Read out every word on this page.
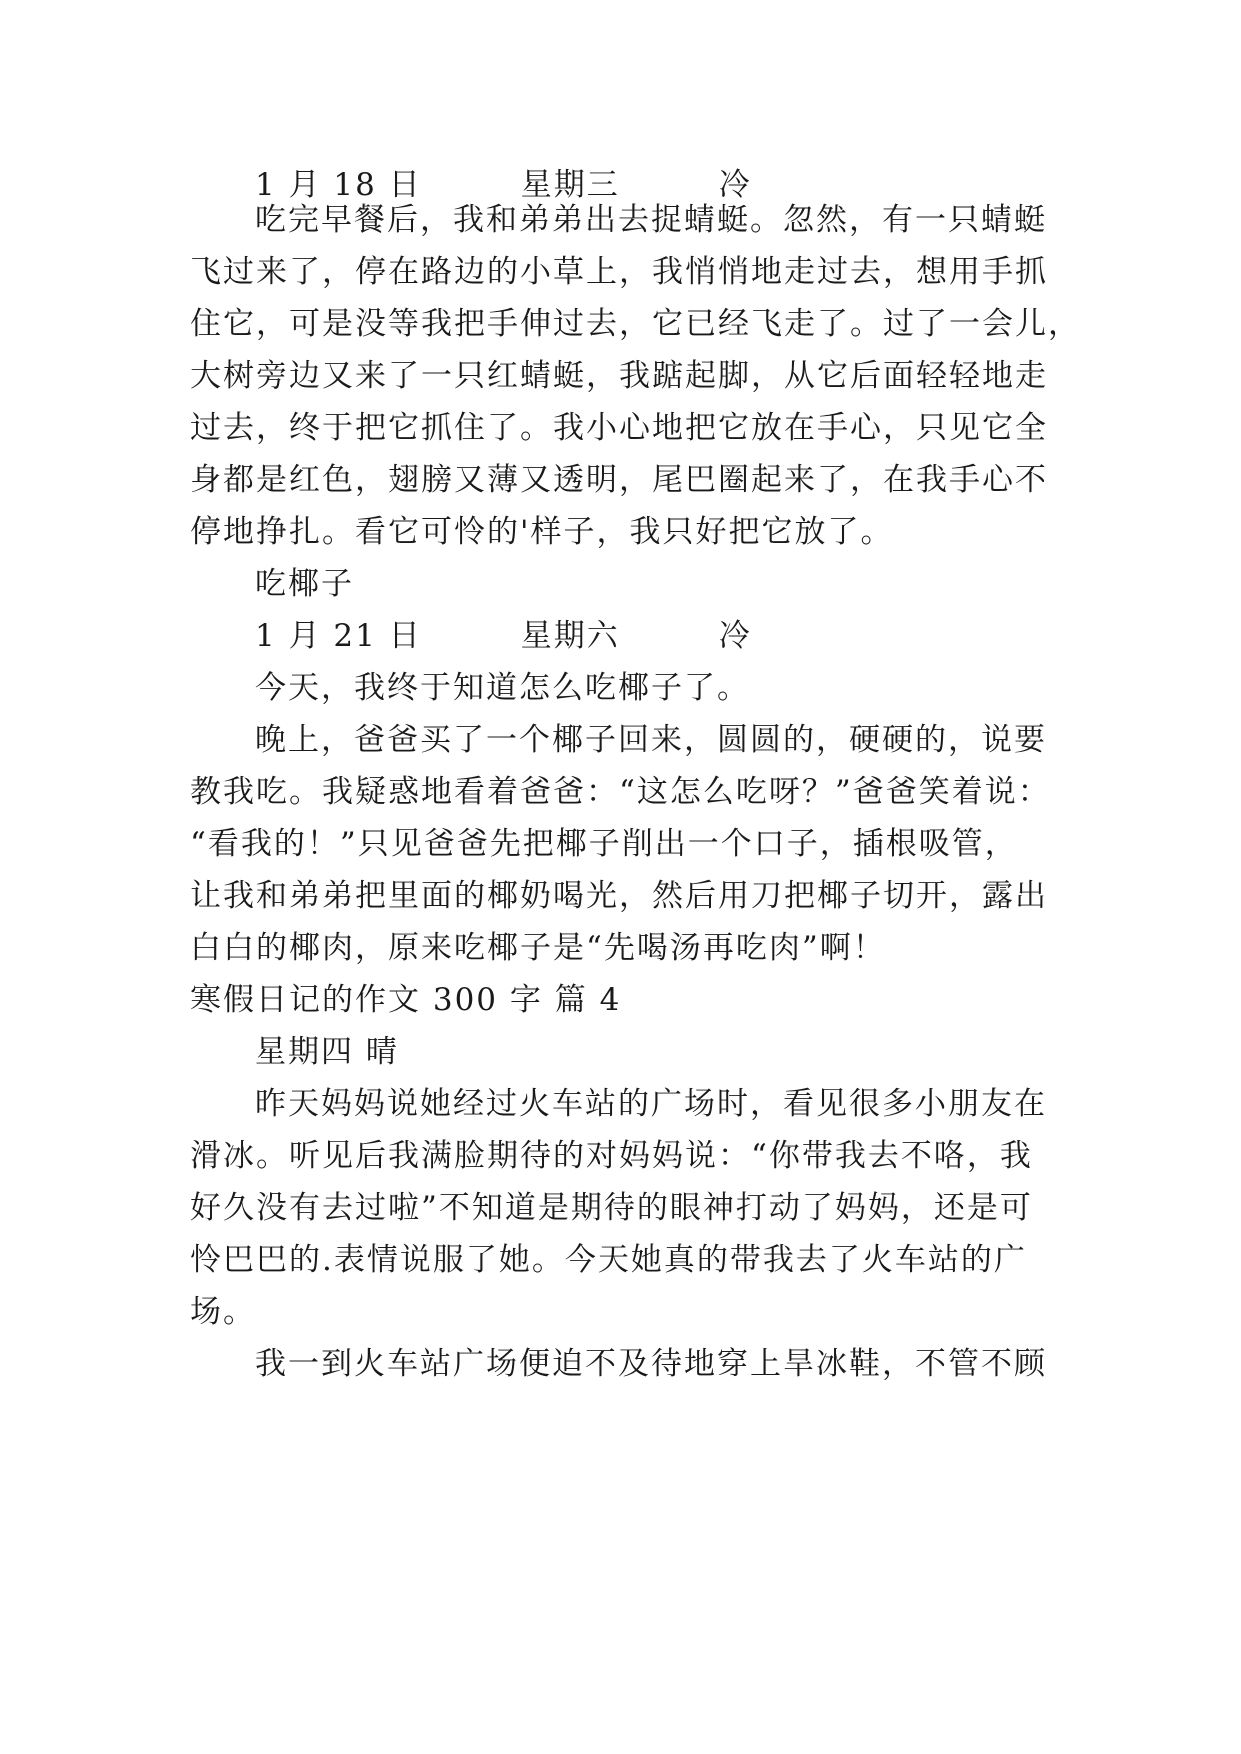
1 月 18 日　　　星期三　　　冷
吃完早餐后，我和弟弟出去捉蜻蜓。忽然，有一只蜻蜓
飞过来了，停在路边的小草上，我悄悄地走过去，想用手抓
住它，可是没等我把手伸过去，它已经飞走了。过了一会儿，
大树旁边又来了一只红蜻蜓，我踮起脚，从它后面轻轻地走
过去，终于把它抓住了。我小心地把它放在手心，只见它全
身都是红色，翅膀又薄又透明，尾巴圈起来了，在我手心不
停地挣扎。看它可怜的'样子，我只好把它放了。
吃椰子
1 月 21 日　　　星期六　　　冷
今天，我终于知道怎么吃椰子了。
晚上，爸爸买了一个椰子回来，圆圆的，硬硬的，说要
教我吃。我疑惑地看着爸爸：“这怎么吃呀？”爸爸笑着说：
“看我的！”只见爸爸先把椰子削出一个口子，插根吸管，
让我和弟弟把里面的椰奶喝光，然后用刀把椰子切开，露出
白白的椰肉，原来吃椰子是“先喝汤再吃肉”啊！
寒假日记的作文 300 字 篇 4
星期四 晴
昨天妈妈说她经过火车站的广场时，看见很多小朋友在
滑冰。听见后我满脸期待的对妈妈说：“你带我去不咯，我
好久没有去过啦”不知道是期待的眼神打动了妈妈，还是可
怜巴巴的.表情说服了她。今天她真的带我去了火车站的广
场。
我一到火车站广场便迫不及待地穿上旱冰鞋，不管不顾
